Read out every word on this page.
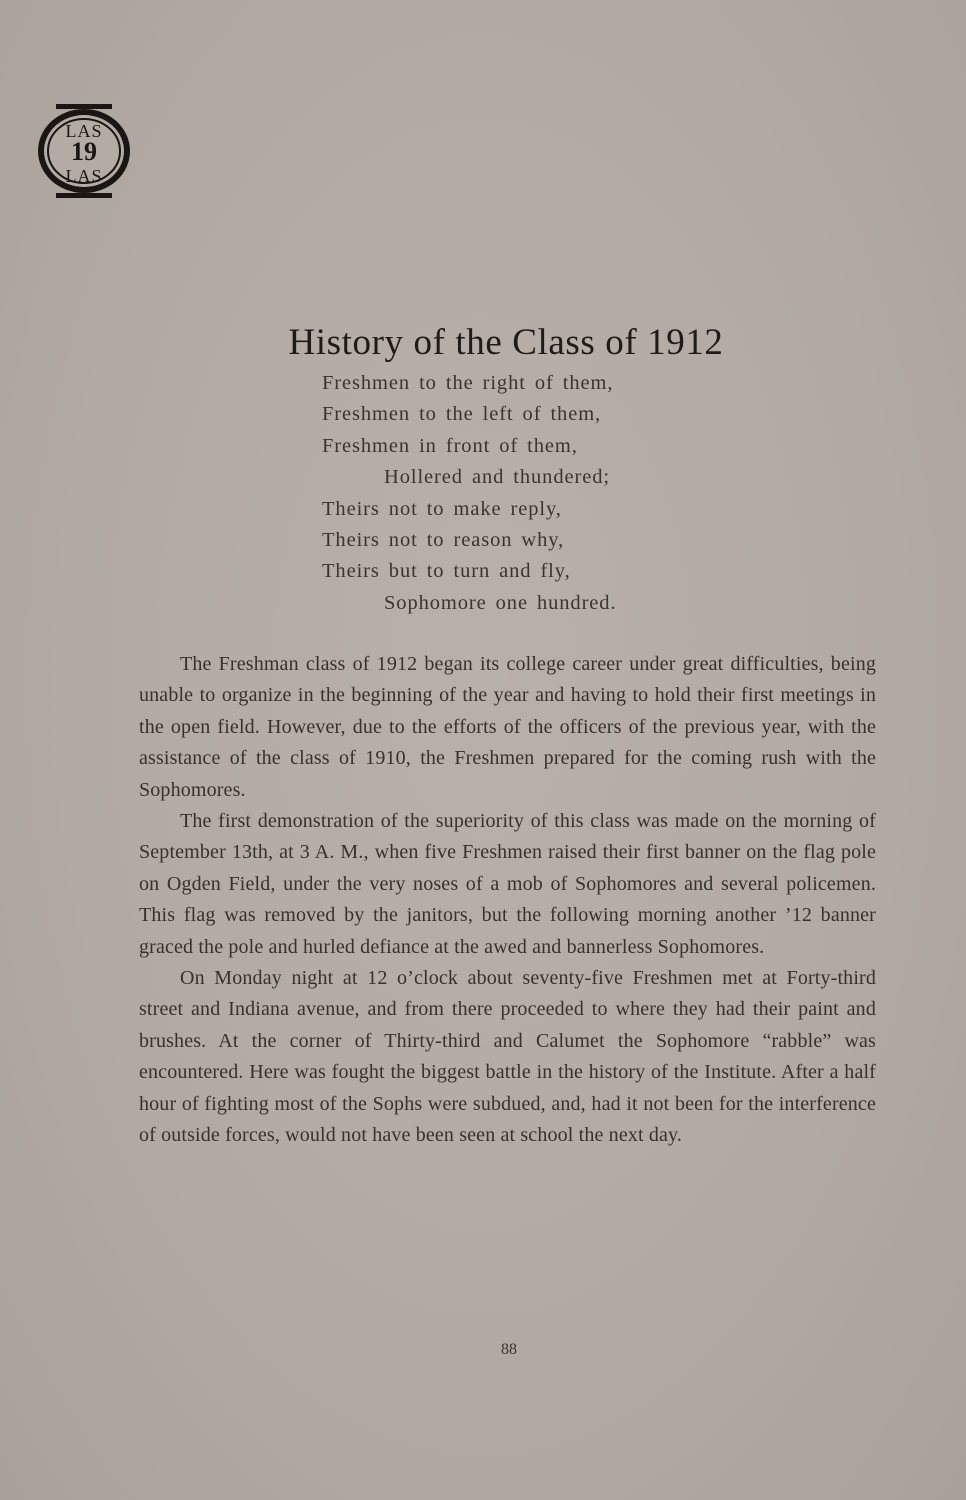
LAS
19
LAS
History of the Class of 1912
Freshmen to the right of them,
Freshmen to the left of them,
Freshmen in front of them,
Hollered and thundered;
Theirs not to make reply,
Theirs not to reason why,
Theirs but to turn and fly,
Sophomore one hundred.

The Freshman class of 1912 began its college career under great difficulties, being unable to organize in the beginning of the year and having to hold their first meetings in the open field. However, due to the efforts of the officers of the previous year, with the assistance of the class of 1910, the Freshmen prepared for the coming rush with the Sophomores.

The first demonstration of the superiority of this class was made on the morning of September 13th, at 3 A. M., when five Freshmen raised their first banner on the flag pole on Ogden Field, under the very noses of a mob of Sophomores and several policemen. This flag was removed by the janitors, but the following morning another ’12 banner graced the pole and hurled defiance at the awed and bannerless Sophomores.

On Monday night at 12 o’clock about seventy-five Freshmen met at Forty-third street and Indiana avenue, and from there proceeded to where they had their paint and brushes. At the corner of Thirty-third and Calumet the Sophomore “rabble” was encountered. Here was fought the biggest battle in the history of the Institute. After a half hour of fighting most of the Sophs were subdued, and, had it not been for the interference of outside forces, would not have been seen at school the next day.

88
